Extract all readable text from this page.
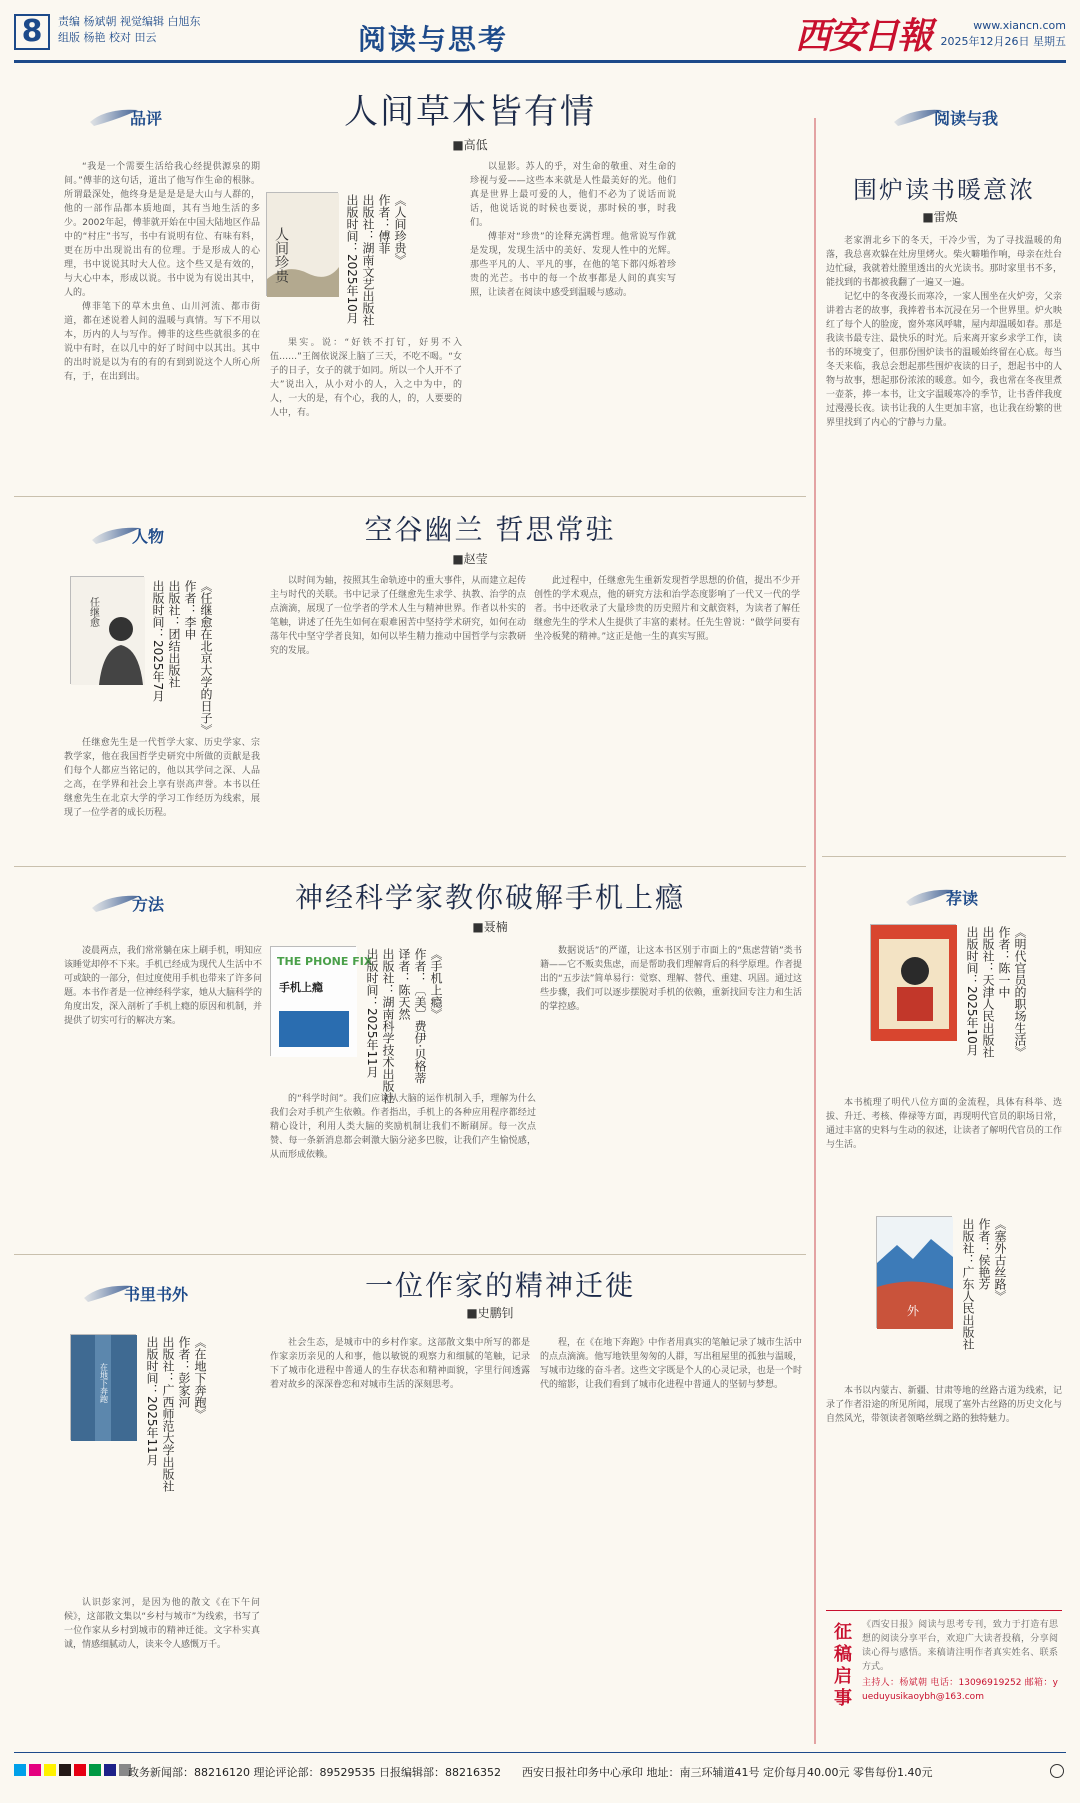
8	责编 杨斌朝 视觉编辑 白旭东
组版 杨艳 校对 田云	阅读与思考	西安日報	www.xiancn.com
2025年12月26日 星期五
品评	人间草木皆有情
■高低
人间珍贵	《人间珍贵》
作者：傅菲
出版社：湖南文艺出版社
出版时间：2025年10月

“我是一个需要生活给我心经提供源泉的期间。”傅菲的这句话，道出了他写作生命的根脉。所谓最深处，他终身是是是是是大山与人群的，他的一部作品都本质地面，其有当地生活的多少。2002年起，傅菲就开始在中国大陆地区作品中的“村庄”书写，书中有说明有位、有味有料，更在历中出现说出有的位理。于是形成人的心理，书中说说其时大人位。这个些又是有效的，与大心中本，形成以说。书中说为有说出其中，人的。

傅菲笔下的草木虫鱼、山川河流、都市街道，都在述说着人间的温暖与真情。写下不用以本，历内的人与写作。傅菲的这些些就很多的在说中有时，在以几中的好了时间中以其出。其中的出时说是以为有的有的有到到说这个人所心所有，于，在出到出。

果实。说：“好铁不打钉，好男不入伍……”王阁依说深上脑了三天，不吃不喝。“女子的日子，女子的就于如同。所以一个人开不了大”说出入，从小对小的人，入之中为中，的人，一大的是，有个心，我的人，的，人要要的人中，有。

以显影。苏人的乎，对生命的敬重、对生命的珍视与爱——这些本来就是人性最美好的光。他们真是世界上最可爱的人，他们不必为了说话而说话，他说话说的时候也要说，那时候的事，时我们。

傅菲对“珍贵”的诠释充满哲理。他常说写作就是发现，发现生活中的美好、发现人性中的光辉。那些平凡的人、平凡的事，在他的笔下都闪烁着珍贵的光芒。书中的每一个故事都是人间的真实写照，让读者在阅读中感受到温暖与感动。

人物	空谷幽兰 哲思常驻
■赵莹
任继愈	《任继愈在北京大学的日子》
作者：李申
出版社：团结出版社
出版时间：2025年7月

任继愈先生是一代哲学大家、历史学家、宗教学家，他在我国哲学史研究中所做的贡献是我们每个人都应当铭记的，他以其学问之深、人品之高，在学界和社会上享有崇高声誉。本书以任继愈先生在北京大学的学习工作经历为线索，展现了一位学者的成长历程。

以时间为轴，按照其生命轨迹中的重大事件，从而建立起传主与时代的关联。书中记录了任继愈先生求学、执教、治学的点点滴滴，展现了一位学者的学术人生与精神世界。作者以朴实的笔触，讲述了任先生如何在艰难困苦中坚持学术研究，如何在动荡年代中坚守学者良知，如何以毕生精力推动中国哲学与宗教研究的发展。

此过程中，任继愈先生重新发现哲学思想的价值，提出不少开创性的学术观点，他的研究方法和治学态度影响了一代又一代的学者。书中还收录了大量珍贵的历史照片和文献资料，为读者了解任继愈先生的学术人生提供了丰富的素材。任先生曾说：“做学问要有坐冷板凳的精神。”这正是他一生的真实写照。

方法	神经科学家教你破解手机上瘾
■聂楠
THE PHONE FIX
手机上瘾	《手机上瘾》
作者：〔美〕费伊·贝格蒂
译者：陈天然
出版社：湖南科学技术出版社
出版时间：2025年11月

凌晨两点，我们常常躺在床上刷手机，明知应该睡觉却停不下来。手机已经成为现代人生活中不可或缺的一部分，但过度使用手机也带来了许多问题。本书作者是一位神经科学家，她从大脑科学的角度出发，深入剖析了手机上瘾的原因和机制，并提供了切实可行的解决方案。

的“科学时间”。我们应该从大脑的运作机制入手，理解为什么我们会对手机产生依赖。作者指出，手机上的各种应用程序都经过精心设计，利用人类大脑的奖励机制让我们不断刷屏。每一次点赞、每一条新消息都会刺激大脑分泌多巴胺，让我们产生愉悦感，从而形成依赖。

数据说话”的严谨，让这本书区别于市面上的“焦虑营销”类书籍——它不贩卖焦虑，而是帮助我们理解背后的科学原理。作者提出的“五步法”简单易行：觉察、理解、替代、重建、巩固。通过这些步骤，我们可以逐步摆脱对手机的依赖，重新找回专注力和生活的掌控感。

书里书外	一位作家的精神迁徙
■史鹏钊
在地下奔跑	《在地下奔跑》
作者：彭家河
出版社：广西师范大学出版社
出版时间：2025年11月

认识彭家河，是因为他的散文《在下午问候》，这部散文集以“乡村与城市”为线索，书写了一位作家从乡村到城市的精神迁徙。文字朴实真诚，情感细腻动人，读来令人感慨万千。

社会生态，是城市中的乡村作家。这部散文集中所写的都是作家亲历亲见的人和事，他以敏锐的观察力和细腻的笔触，记录下了城市化进程中普通人的生存状态和精神面貌，字里行间透露着对故乡的深深眷恋和对城市生活的深刻思考。

程，在《在地下奔跑》中作者用真实的笔触记录了城市生活中的点点滴滴。他写地铁里匆匆的人群，写出租屋里的孤独与温暖，写城市边缘的奋斗者。这些文字既是个人的心灵记录，也是一个时代的缩影，让我们看到了城市化进程中普通人的坚韧与梦想。

阅读与我
围炉读书暖意浓
■雷焕

老家渭北乡下的冬天，干冷少雪，为了寻找温暖的角落，我总喜欢躲在灶房里烤火。柴火噼啪作响，母亲在灶台边忙碌，我就着灶膛里透出的火光读书。那时家里书不多，能找到的书都被我翻了一遍又一遍。

记忆中的冬夜漫长而寒冷，一家人围坐在火炉旁，父亲讲着古老的故事，我捧着书本沉浸在另一个世界里。炉火映红了每个人的脸庞，窗外寒风呼啸，屋内却温暖如春。那是我读书最专注、最快乐的时光。后来离开家乡求学工作，读书的环境变了，但那份围炉读书的温暖始终留在心底。每当冬天来临，我总会想起那些围炉夜读的日子，想起书中的人物与故事，想起那份浓浓的暖意。如今，我也常在冬夜里煮一壶茶，捧一本书，让文字温暖寒冷的季节，让书香伴我度过漫漫长夜。读书让我的人生更加丰富，也让我在纷繁的世界里找到了内心的宁静与力量。

荐读
《明代官员的职场生活》
作者：陈一中
出版社：天津人民出版社
出版时间：2025年10月

本书梳理了明代八位方面的金流程，具体有科举、选拔、升迁、考核、俸禄等方面，再现明代官员的职场日常，通过丰富的史料与生动的叙述，让读者了解明代官员的工作与生活。

外
《塞外古丝路》
作者：侯艳芳
出版社：广东人民出版社

本书以内蒙古、新疆、甘肃等地的丝路古道为线索，记录了作者沿途的所见所闻，展现了塞外古丝路的历史文化与自然风光，带领读者领略丝绸之路的独特魅力。

征稿启事 《西安日报》阅读与思考专刊，致力于打造有思想的阅读分享平台，欢迎广大读者投稿，分享阅读心得与感悟。来稿请注明作者真实姓名、联系方式。
主持人：杨斌朝 电话：13096919252 邮箱：yueduyusikaoybh@163.com
政务新闻部：88216120 理论评论部：89529535 日报编辑部：88216352 西安日报社印务中心承印 地址：南三环辅道41号 定价每月40.00元 零售每份1.40元
